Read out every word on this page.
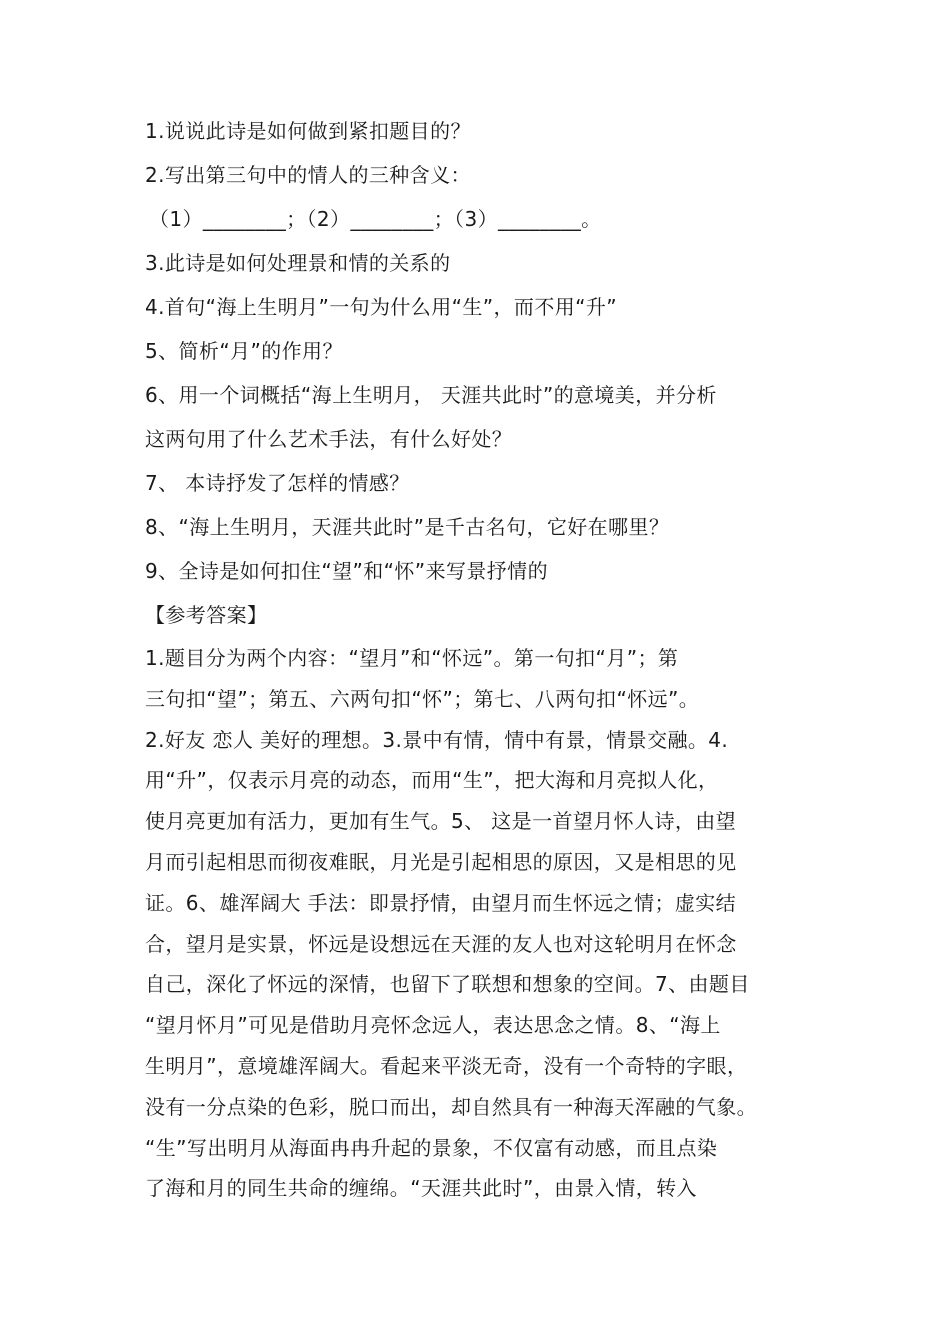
1.说说此诗是如何做到紧扣题目的？
2.写出第三句中的情人的三种含义：
（1）________；（2）________；（3）________。
3.此诗是如何处理景和情的关系的
4.首句“海上生明月”一句为什么用“生”，而不用“升”
5、简析“月”的作用？
6、用一个词概括“海上生明月， 天涯共此时”的意境美，并分析
这两句用了什么艺术手法，有什么好处？
7、 本诗抒发了怎样的情感？
8、“海上生明月，天涯共此时”是千古名句，它好在哪里？
9、全诗是如何扣住“望”和“怀”来写景抒情的
【参考答案】
1.题目分为两个内容：“望月”和“怀远”。第一句扣“月”；第
三句扣“望”；第五、六两句扣“怀”；第七、八两句扣“怀远”。
2.好友 恋人 美好的理想。3.景中有情，情中有景，情景交融。4.
用“升”，仅表示月亮的动态，而用“生”，把大海和月亮拟人化，
使月亮更加有活力，更加有生气。5、 这是一首望月怀人诗，由望
月而引起相思而彻夜难眠，月光是引起相思的原因，又是相思的见
证。6、雄浑阔大 手法：即景抒情，由望月而生怀远之情；虚实结
合，望月是实景，怀远是设想远在天涯的友人也对这轮明月在怀念
自己，深化了怀远的深情，也留下了联想和想象的空间。7、由题目
“望月怀月”可见是借助月亮怀念远人，表达思念之情。8、“海上
生明月”，意境雄浑阔大。看起来平淡无奇，没有一个奇特的字眼，
没有一分点染的色彩，脱口而出，却自然具有一种海天浑融的气象。
“生”写出明月从海面冉冉升起的景象，不仅富有动感，而且点染
了海和月的同生共命的缠绵。“天涯共此时”，由景入情，转入
